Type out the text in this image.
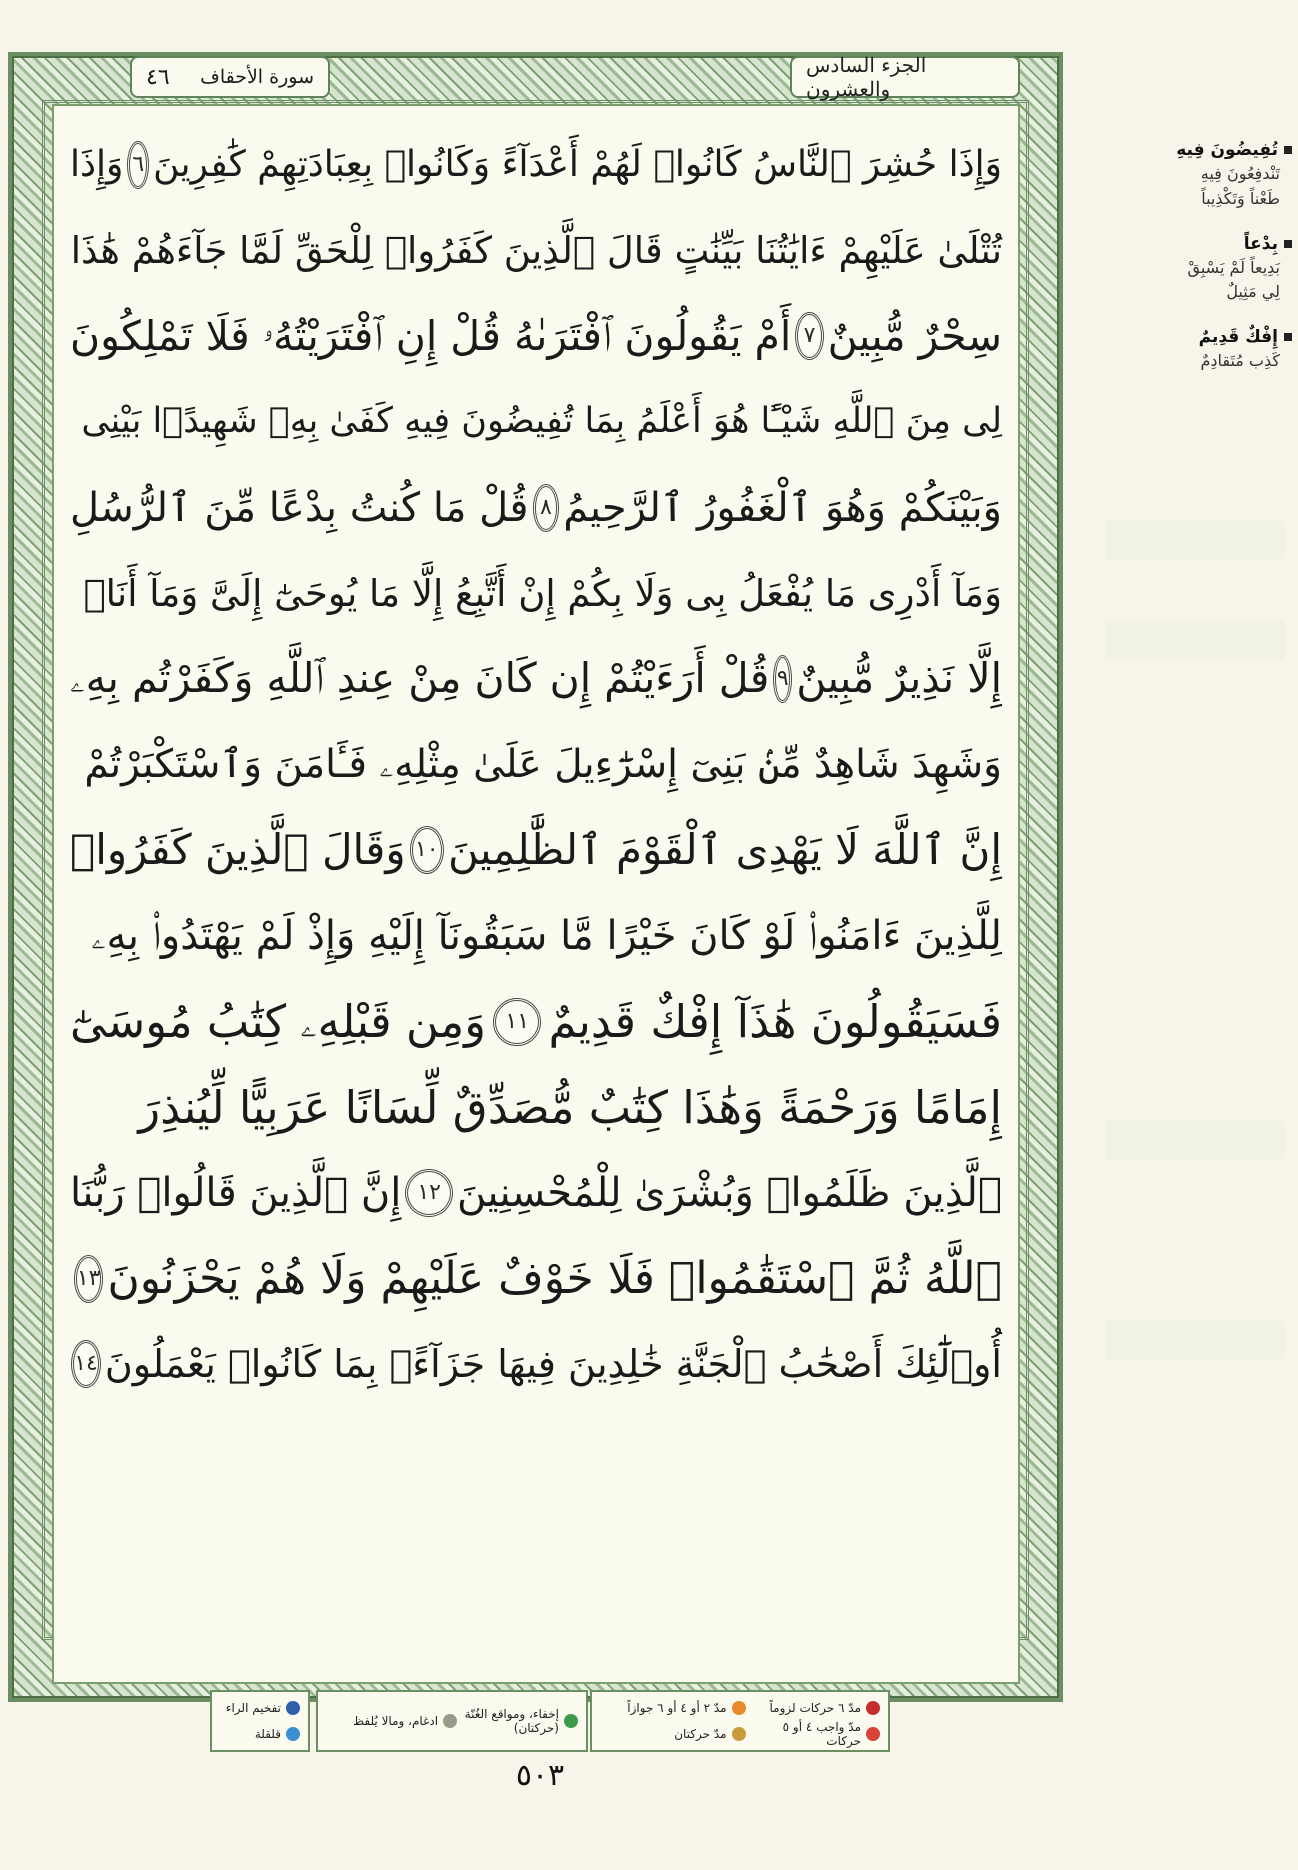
الجزء السادس والعشرون
٤٦ سورة الأحقاف
وَإِذَا حُشِرَ ٱلنَّاسُ كَانُوا۟ لَهُمْ أَعْدَآءً وَكَانُوا۟ بِعِبَادَتِهِمْ كَٰفِرِينَ
٦
وَإِذَا
تُتْلَىٰ عَلَيْهِمْ ءَايَٰتُنَا بَيِّنَٰتٍ قَالَ ٱلَّذِينَ كَفَرُوا۟ لِلْحَقِّ لَمَّا جَآءَهُمْ هَٰذَا
سِحْرٌ مُّبِينٌ
٧
أَمْ يَقُولُونَ ٱفْتَرَىٰهُ قُلْ إِنِ ٱفْتَرَيْتُهُۥ فَلَا تَمْلِكُونَ
لِى مِنَ ٱللَّهِ شَيْـًٔا هُوَ أَعْلَمُ بِمَا تُفِيضُونَ فِيهِ كَفَىٰ بِهِۦ شَهِيدًۢا بَيْنِى
وَبَيْنَكُمْ وَهُوَ ٱلْغَفُورُ ٱلرَّحِيمُ
٨
قُلْ مَا كُنتُ بِدْعًا مِّنَ ٱلرُّسُلِ
وَمَآ أَدْرِى مَا يُفْعَلُ بِى وَلَا بِكُمْ إِنْ أَتَّبِعُ إِلَّا مَا يُوحَىٰٓ إِلَىَّ وَمَآ أَنَا۠
إِلَّا نَذِيرٌ مُّبِينٌ
٩
قُلْ أَرَءَيْتُمْ إِن كَانَ مِنْ عِندِ ٱللَّهِ وَكَفَرْتُم بِهِۦ
وَشَهِدَ شَاهِدٌ مِّنۢ بَنِىٓ إِسْرَٰٓءِيلَ عَلَىٰ مِثْلِهِۦ فَـَٔامَنَ وَٱسْتَكْبَرْتُمْ
إِنَّ ٱللَّهَ لَا يَهْدِى ٱلْقَوْمَ ٱلظَّٰلِمِينَ
١٠
وَقَالَ ٱلَّذِينَ كَفَرُوا۟
لِلَّذِينَ ءَامَنُوا۟ لَوْ كَانَ خَيْرًا مَّا سَبَقُونَآ إِلَيْهِ وَإِذْ لَمْ يَهْتَدُوا۟ بِهِۦ
فَسَيَقُولُونَ هَٰذَآ إِفْكٌ قَدِيمٌ
١١
وَمِن قَبْلِهِۦ كِتَٰبُ مُوسَىٰٓ
إِمَامًا وَرَحْمَةً وَهَٰذَا كِتَٰبٌ مُّصَدِّقٌ لِّسَانًا عَرَبِيًّا لِّيُنذِرَ
ٱلَّذِينَ ظَلَمُوا۟ وَبُشْرَىٰ لِلْمُحْسِنِينَ
١٢
إِنَّ ٱلَّذِينَ قَالُوا۟ رَبُّنَا
ٱللَّهُ ثُمَّ ٱسْتَقَٰمُوا۟ فَلَا خَوْفٌ عَلَيْهِمْ وَلَا هُمْ يَحْزَنُونَ
١٣
أُو۟لَٰٓئِكَ أَصْحَٰبُ ٱلْجَنَّةِ خَٰلِدِينَ فِيهَا جَزَآءًۢ بِمَا كَانُوا۟ يَعْمَلُونَ
١٤
تُفِيضُونَ فِيهِ
تَنْدفِعُونَ فِيهِ
طَعْناً وَتَكْذِيباً
بِدْعاً
بَدِيعاً لَمْ يَسْبِقْ
لِي مَثِيلٌ
إِفْكٌ قَدِيمٌ
كَذِب مُتَقادِمٌ
مدّ ٦ حركات لزوماً
مدّ ٢ أو ٤ أو ٦ جوازاً
مدّ واجب ٤ أو ٥ حركات
مدّ حركتان
إخفاء، ومواقع الغُنّة (حركتان)
ادغام، ومالا يُلفظ
تفخيم الراء
قلقلة
٥٠٣
